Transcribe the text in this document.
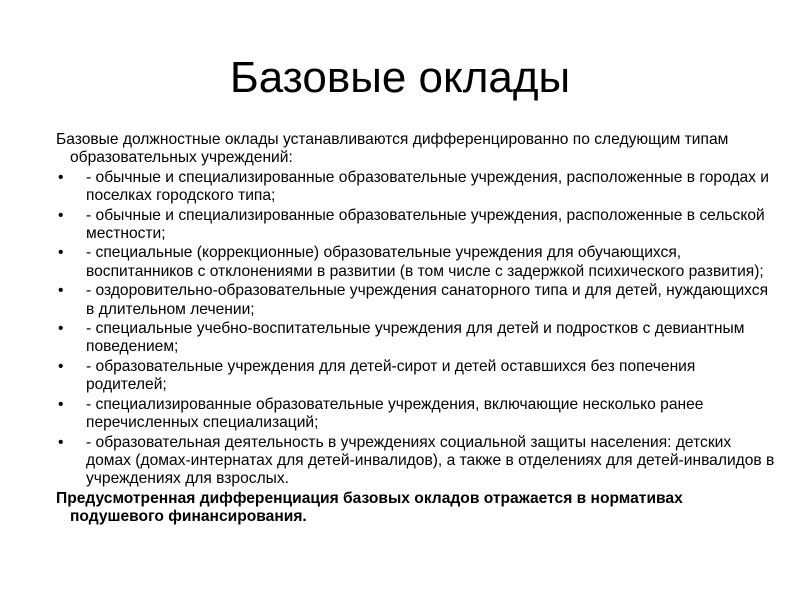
Базовые оклады
Базовые должностные оклады устанавливаются дифференцированно по следующим типам образовательных учреждений:
• - обычные и специализированные образовательные учреждения, расположенные в городах и поселках городского типа;
• - обычные и специализированные образовательные учреждения, расположенные в сельской местности;
• - специальные (коррекционные) образовательные учреждения для обучающихся, воспитанников с отклонениями в развитии (в том числе с задержкой психического развития);
• - оздоровительно-образовательные учреждения санаторного типа и для детей, нуждающихся в длительном лечении;
• - специальные учебно-воспитательные учреждения для детей и подростков с девиантным поведением;
• - образовательные учреждения для детей-сирот и детей оставшихся без попечения родителей;
• - специализированные образовательные учреждения, включающие несколько ранее перечисленных специализаций;
• - образовательная деятельность в учреждениях социальной защиты населения: детских домах (домах-интернатах для детей-инвалидов), а также в отделениях для детей-инвалидов в учреждениях для взрослых.
Предусмотренная дифференциация базовых окладов отражается в нормативах подушевого финансирования.
